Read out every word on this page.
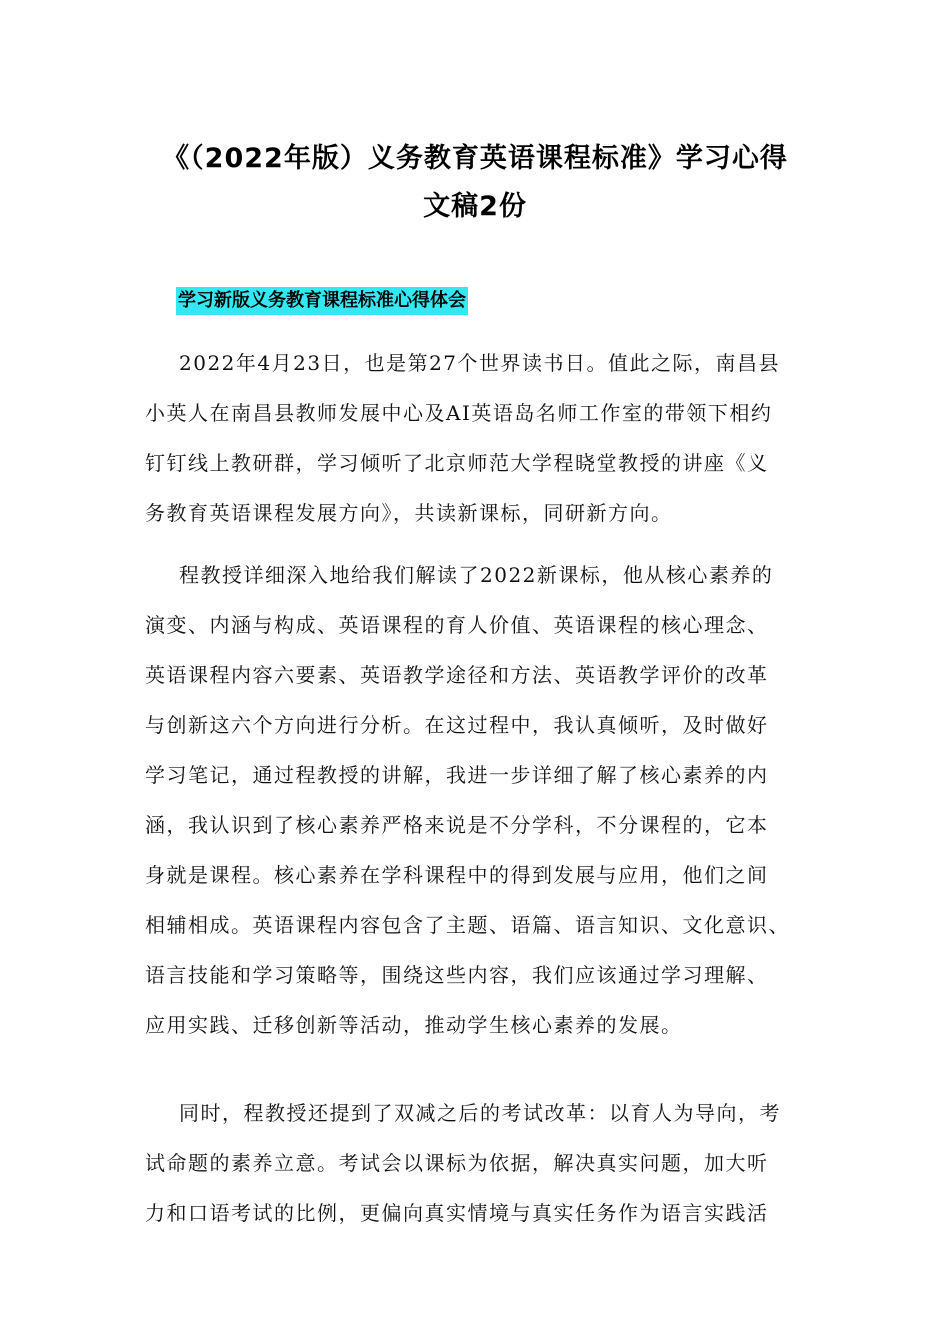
《（2022年版）义务教育英语课程标准》学习心得
文稿2份
学习新版义务教育课程标准心得体会
2022年4月23日，也是第27个世界读书日。值此之际，南昌县
小英人在南昌县教师发展中心及AI英语岛名师工作室的带领下相约
钉钉线上教研群，学习倾听了北京师范大学程晓堂教授的讲座《义
务教育英语课程发展方向》，共读新课标，同研新方向。
程教授详细深入地给我们解读了2022新课标，他从核心素养的
演变、内涵与构成、英语课程的育人价值、英语课程的核心理念、
英语课程内容六要素、英语教学途径和方法、英语教学评价的改革
与创新这六个方向进行分析。在这过程中，我认真倾听，及时做好
学习笔记，通过程教授的讲解，我进一步详细了解了核心素养的内
涵，我认识到了核心素养严格来说是不分学科，不分课程的，它本
身就是课程。核心素养在学科课程中的得到发展与应用，他们之间
相辅相成。英语课程内容包含了主题、语篇、语言知识、文化意识、
语言技能和学习策略等，围绕这些内容，我们应该通过学习理解、
应用实践、迁移创新等活动，推动学生核心素养的发展。
同时，程教授还提到了双减之后的考试改革：以育人为导向，考
试命题的素养立意。考试会以课标为依据，解决真实问题，加大听
力和口语考试的比例，更偏向真实情境与真实任务作为语言实践活
